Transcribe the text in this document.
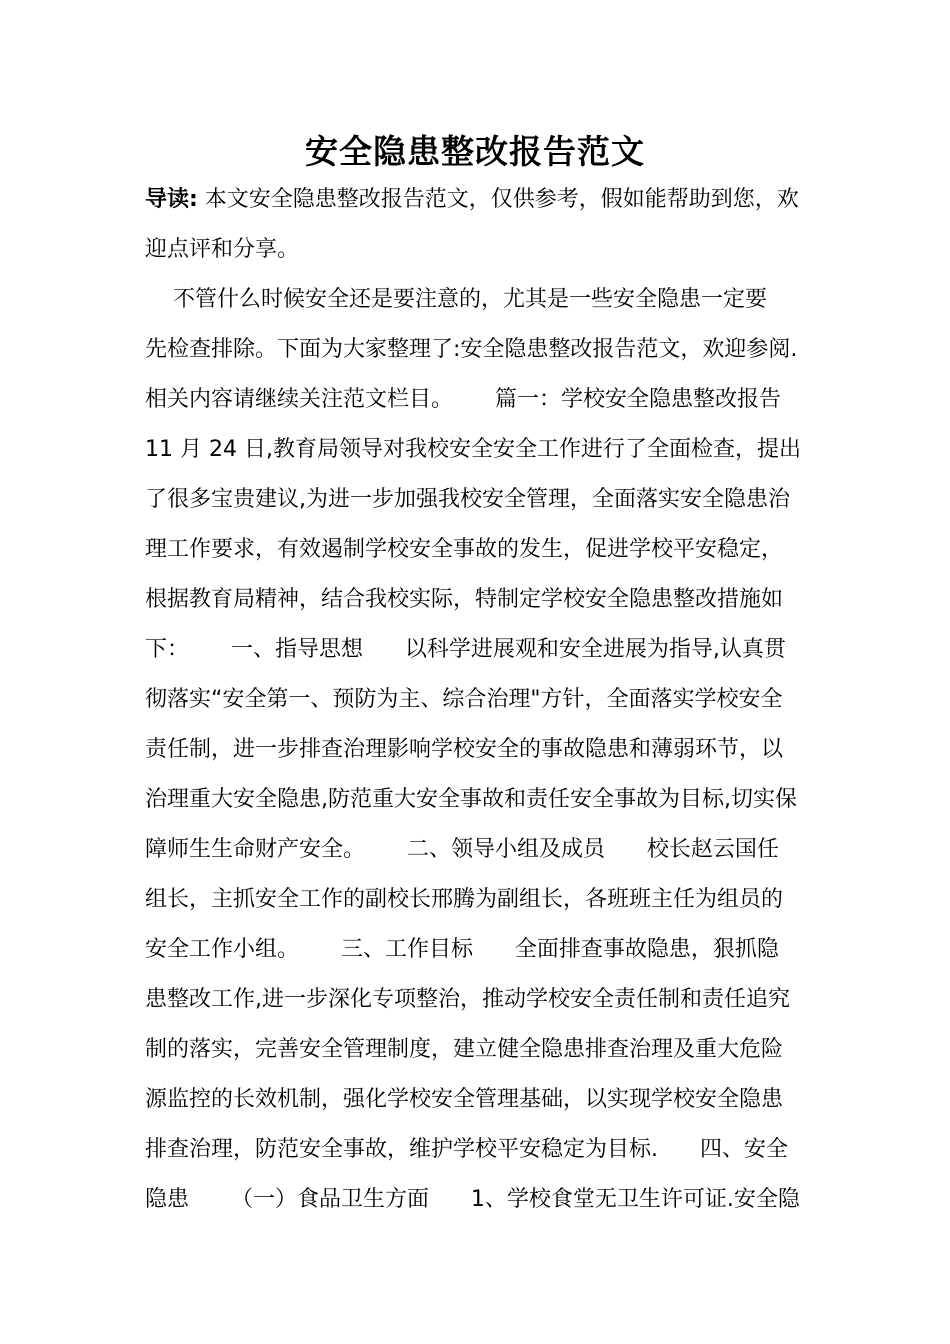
安全隐患整改报告范文
导读: 本文安全隐患整改报告范文，仅供参考，假如能帮助到您，欢
迎点评和分享。
不管什么时候安全还是要注意的，尤其是一些安全隐患一定要
先检查排除。下面为大家整理了:安全隐患整改报告范文，欢迎参阅.
相关内容请继续关注范文栏目。      篇一：学校安全隐患整改报告
11 月 24 日,教育局领导对我校安全安全工作进行了全面检查，提出
了很多宝贵建议,为进一步加强我校安全管理，全面落实安全隐患治
理工作要求，有效遏制学校安全事故的发生，促进学校平安稳定，
根据教育局精神，结合我校实际，特制定学校安全隐患整改措施如
下：      一、指导思想      以科学进展观和安全进展为指导,认真贯
彻落实“安全第一、预防为主、综合治理"方针，全面落实学校安全
责任制，进一步排查治理影响学校安全的事故隐患和薄弱环节，以
治理重大安全隐患,防范重大安全事故和责任安全事故为目标,切实保
障师生生命财产安全。      二、领导小组及成员      校长赵云国任
组长，主抓安全工作的副校长邢腾为副组长，各班班主任为组员的
安全工作小组。      三、工作目标      全面排查事故隐患，狠抓隐
患整改工作,进一步深化专项整治，推动学校安全责任制和责任追究
制的落实，完善安全管理制度，建立健全隐患排查治理及重大危险
源监控的长效机制，强化学校安全管理基础，以实现学校安全隐患
排查治理，防范安全事故，维护学校平安稳定为目标.      四、安全
隐患      （一）食品卫生方面      1、学校食堂无卫生许可证.安全隐
